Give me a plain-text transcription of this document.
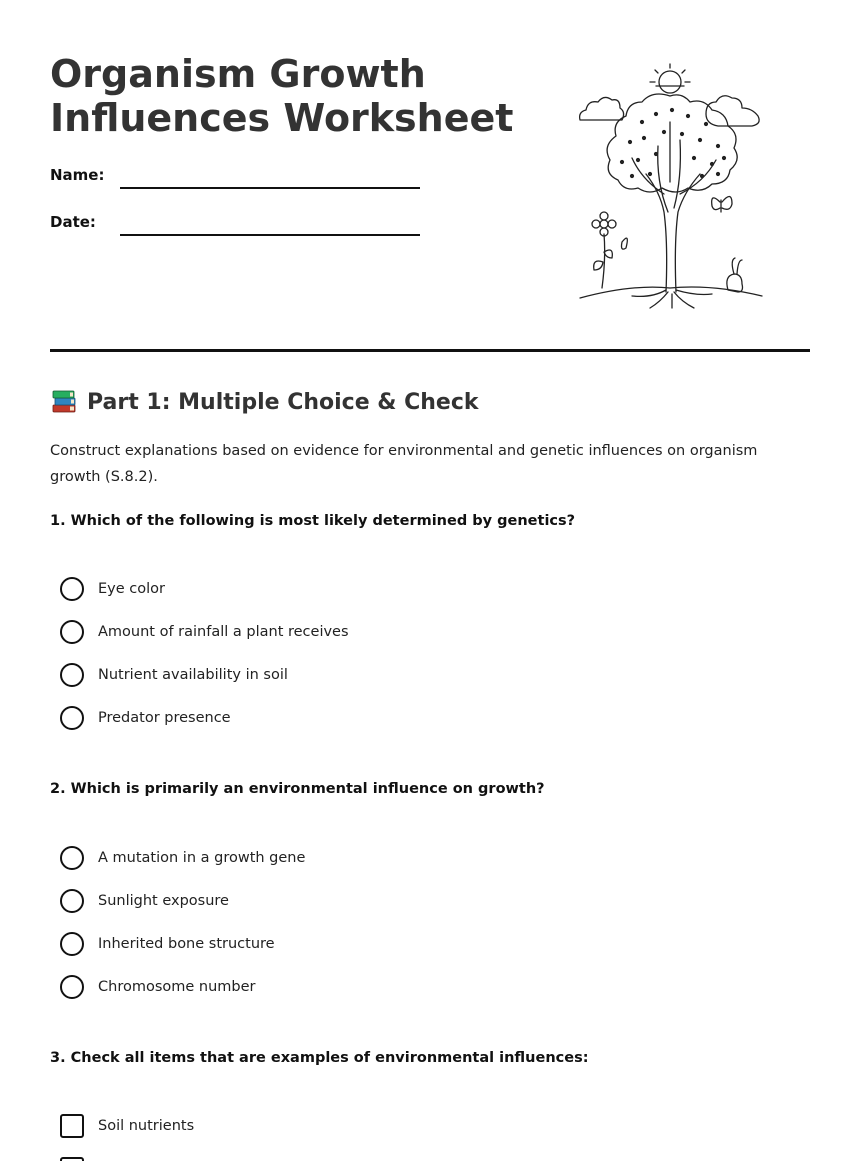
Organism Growth
Influences Worksheet
Name:
Date:
Part 1: Multiple Choice & Check

Construct explanations based on evidence for environmental and genetic influences on organism growth (S.8.2).

1. Which of the following is most likely determined by genetics?
Eye color
Amount of rainfall a plant receives
Nutrient availability in soil
Predator presence
2. Which is primarily an environmental influence on growth?
A mutation in a growth gene
Sunlight exposure
Inherited bone structure
Chromosome number
3. Check all items that are examples of environmental influences:
Soil nutrients
